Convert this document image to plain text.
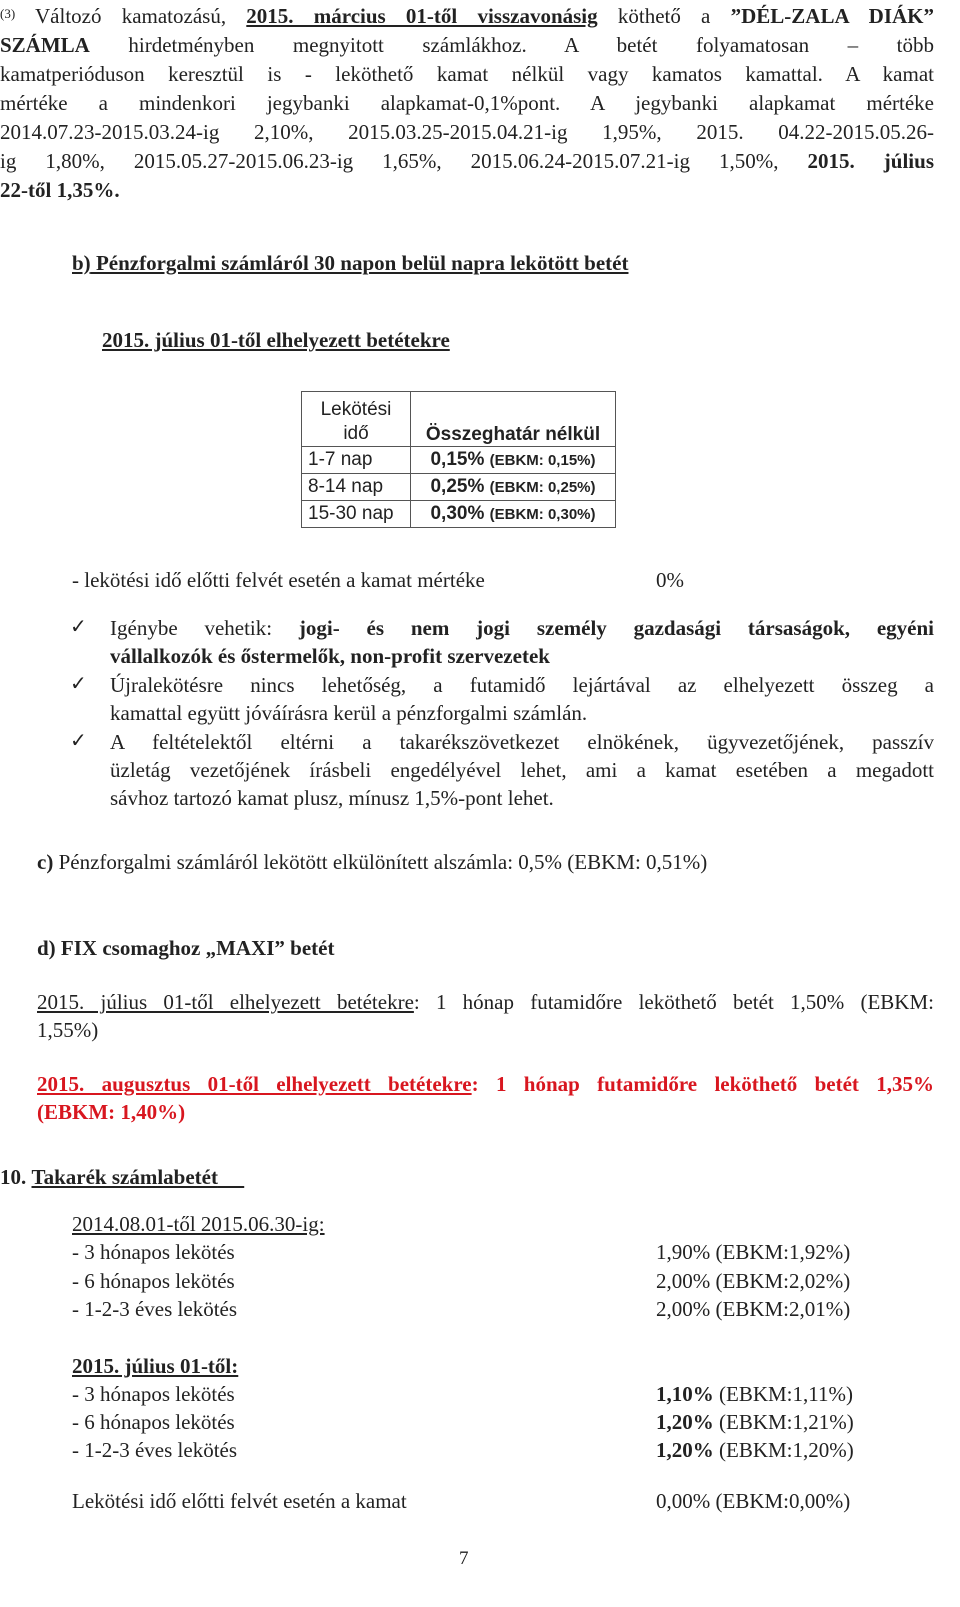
$^{(3)}$ Változó kamatozású, 2015. március 01-től visszavonásig köthető a ”DÉL-ZALA DIÁK”
SZÁMLA hirdetményben megnyitott számlákhoz. A betét folyamatosan – több
kamatperióduson keresztül is - leköthető kamat nélkül vagy kamatos kamattal. A kamat
mértéke a mindenkori jegybanki alapkamat-0,1%pont. A jegybanki alapkamat mértéke
2014.07.23-2015.03.24-ig 2,10%, 2015.03.25-2015.04.21-ig 1,95%, 2015. 04.22-2015.05.26-
ig 1,80%, 2015.05.27-2015.06.23-ig 1,65%, 2015.06.24-2015.07.21-ig 1,50%, 2015. július
22-től 1,35%.
b) Pénzforgalmi számláról 30 napon belül napra lekötött betét
2015. július 01-től elhelyezett betétekre
Lekötési
idő	Összeghatár nélkül
1-7 nap	0,15% (EBKM: 0,15%)
8-14 nap	0,25% (EBKM: 0,25%)
15-30 nap	0,30% (EBKM: 0,30%)
- lekötési idő előtti felvét esetén a kamat mértéke	0%
✓	Igénybe vehetik: jogi- és nem jogi személy gazdasági társaságok, egyéni
vállalkozók és őstermelők, non-profit szervezetek
✓	Újralekötésre nincs lehetőség, a futamidő lejártával az elhelyezett összeg a
kamattal együtt jóváírásra kerül a pénzforgalmi számlán.
✓	A feltételektől eltérni a takarékszövetkezet elnökének, ügyvezetőjének, passzív
üzletág vezetőjének írásbeli engedélyével lehet, ami a kamat esetében a megadott
sávhoz tartozó kamat plusz, mínusz 1,5%-pont lehet.
c) Pénzforgalmi számláról lekötött elkülönített alszámla: 0,5% (EBKM: 0,51%)
d) FIX csomaghoz „MAXI” betét
2015. július 01-től elhelyezett betétekre: 1 hónap futamidőre leköthető betét 1,50% (EBKM:
1,55%)
2015. augusztus 01-től elhelyezett betétekre: 1 hónap futamidőre leköthető betét 1,35%
(EBKM: 1,40%)
10. Takarék számlabetét
2014.08.01-től 2015.06.30-ig:
- 3 hónapos lekötés	1,90% (EBKM:1,92%)
- 6 hónapos lekötés	2,00% (EBKM:2,02%)
- 1-2-3 éves lekötés	2,00% (EBKM:2,01%)
2015. július 01-től:
- 3 hónapos lekötés	1,10% (EBKM:1,11%)
- 6 hónapos lekötés	1,20% (EBKM:1,21%)
- 1-2-3 éves lekötés	1,20% (EBKM:1,20%)
Lekötési idő előtti felvét esetén a kamat	0,00% (EBKM:0,00%)
7
